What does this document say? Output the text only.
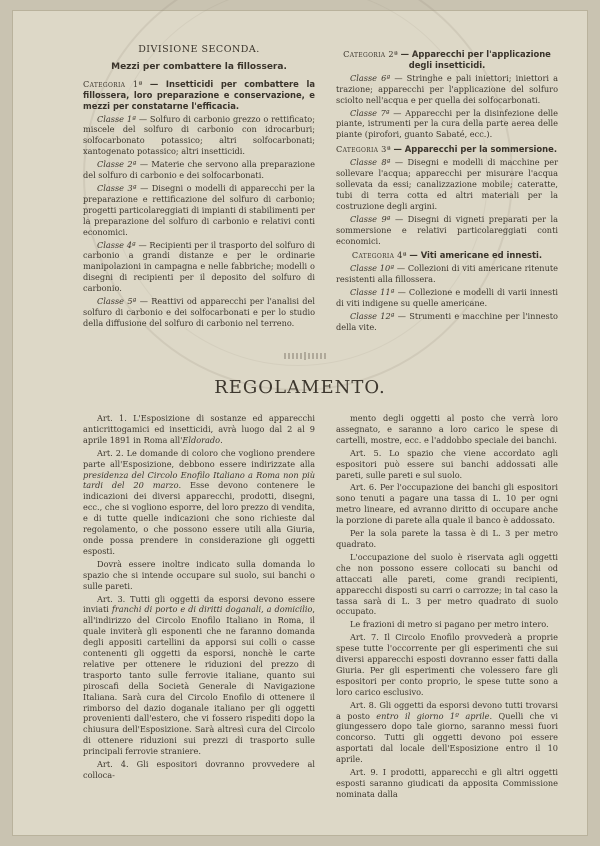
DIVISIONE SECONDA.
Mezzi per combattere la fillossera.

Categoria 1ª — Insetticidi per combattere la fillossera, loro preparazione e conservazione, e mezzi per constatarne l'efficacia.

Classe 1ª — Solfuro di carbonio grezzo o rettificato; miscele del solfuro di carbonio con idrocarburi; solfocarbonato potassico; altri solfocarbonati; xantogenato potassico; altri insetticidi.

Classe 2ª — Materie che servono alla preparazione del solfuro di carbonio e dei solfocarbonati.

Classe 3ª — Disegni o modelli di apparecchi per la preparazione e rettificazione del solfuro di carbonio; progetti particolareggiati di impianti di stabilimenti per la preparazione del solfuro di carbonio e relativi conti economici.

Classe 4ª — Recipienti per il trasporto del solfuro di carbonio a grandi distanze e per le ordinarie manipolazioni in campagna e nelle fabbriche; modelli o disegni di recipienti per il deposito del solfuro di carbonio.

Classe 5ª — Reattivi od apparecchi per l'analisi del solfuro di carbonio e dei solfocarbonati e per lo studio della diffusione del solfuro di carbonio nel terreno.

Categoria 2ª — Apparecchi per l'applicazione degli insetticidi.

Classe 6ª — Stringhe e pali iniettori; iniettori a trazione; apparecchi per l'applicazione del solfuro sciolto nell'acqua e per quella dei solfocarbonati.

Classe 7ª — Apparecchi per la disinfezione delle piante, istrumenti per la cura della parte aerea delle piante (pirofori, guanto Sabaté, ecc.).

Categoria 3ª — Apparecchi per la sommersione.

Classe 8ª — Disegni e modelli di macchine per sollevare l'acqua; apparecchi per misurare l'acqua sollevata da essi; canalizzazione mobile; cateratte, tubi di terra cotta ed altri materiali per la costruzione degli argini.

Classe 9ª — Disegni di vigneti preparati per la sommersione e relativi particolareggiati conti economici.

Categoria 4ª — Viti americane ed innesti.

Classe 10ª — Collezioni di viti americane ritenute resistenti alla fillossera.

Classe 11ª — Collezione e modelli di varii innesti di viti indigene su quelle americane.

Classe 12ª — Strumenti e macchine per l'innesto della vite.

REGOLAMENTO.

Art. 1. L'Esposizione di sostanze ed apparecchi anticrittogamici ed insetticidi, avrà luogo dal 2 al 9 aprile 1891 in Roma all'Eldorado.

Art. 2. Le domande di coloro che vogliono prendere parte all'Esposizione, debbono essere indirizzate alla presidenza del Circolo Enofilo Italiano a Roma non più tardi del 20 marzo. Esse devono contenere le indicazioni dei diversi apparecchi, prodotti, disegni, ecc., che si vogliono esporre, del loro prezzo di vendita, e di tutte quelle indicazioni che sono richieste dal regolamento, o che possono essere utili alla Giuria, onde possa prendere in considerazione gli oggetti esposti.

Dovrà essere inoltre indicato sulla domanda lo spazio che si intende occupare sul suolo, sui banchi o sulle pareti.

Art. 3. Tutti gli oggetti da esporsi devono essere inviati franchi di porto e di diritti doganali, a domicilio, all'indirizzo del Circolo Enofilo Italiano in Roma, il quale inviterà gli esponenti che ne faranno domanda degli appositi cartellini da apporsi sui colli o casse contenenti gli oggetti da esporsi, nonchè le carte relative per ottenere le riduzioni del prezzo di trasporto tanto sulle ferrovie italiane, quanto sui piroscafi della Società Generale di Navigazione Italiana. Sarà cura del Circolo Enofilo di ottenere il rimborso del dazio doganale italiano per gli oggetti provenienti dall'estero, che vi fossero rispediti dopo la chiusura dell'Esposizione. Sarà altresì cura del Circolo di ottenere riduzioni sui prezzi di trasporto sulle principali ferrovie straniere.

Art. 4. Gli espositori dovranno provvedere al colloca-

mento degli oggetti al posto che verrà loro assegnato, e saranno a loro carico le spese di cartelli, mostre, ecc. e l'addobbo speciale dei banchi.

Art. 5. Lo spazio che viene accordato agli espositori può essere sui banchi addossati alle pareti, sulle pareti e sul suolo.

Art. 6. Per l'occupazione dei banchi gli espositori sono tenuti a pagare una tassa di L. 10 per ogni metro lineare, ed avranno diritto di occupare anche la porzione di parete alla quale il banco è addossato.

Per la sola parete la tassa è di L. 3 per metro quadrato.

L'occupazione del suolo è riservata agli oggetti che non possono essere collocati su banchi od attaccati alle pareti, come grandi recipienti, apparecchi disposti su carri o carrozze; in tal caso la tassa sarà di L. 3 per metro quadrato di suolo occupato.

Le frazioni di metro si pagano per metro intero.

Art. 7. Il Circolo Enofilo provvederà a proprie spese tutte l'occorrente per gli esperimenti che sui diversi apparecchi esposti dovranno esser fatti dalla Giuria. Per gli esperimenti che volessero fare gli espositori per conto proprio, le spese tutte sono a loro carico esclusivo.

Art. 8. Gli oggetti da esporsi devono tutti trovarsi a posto entro il giorno 1º aprile. Quelli che vi giungessero dopo tale giorno, saranno messi fuori concorso. Tutti gli oggetti devono poi essere asportati dal locale dell'Esposizione entro il 10 aprile.

Art. 9. I prodotti, apparecchi e gli altri oggetti esposti saranno giudicati da apposita Commissione nominata dalla
